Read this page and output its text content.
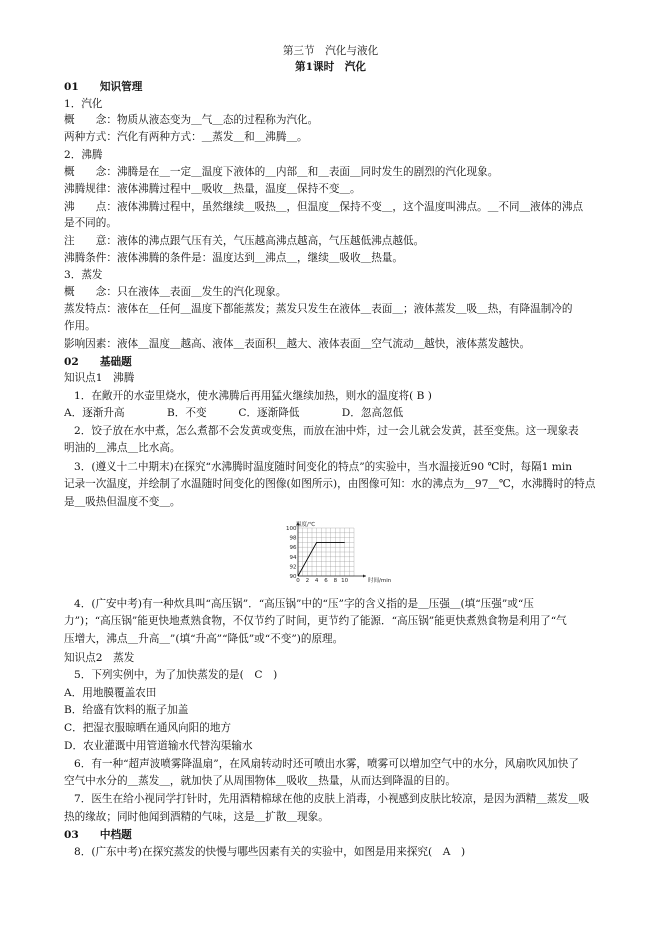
第三节　汽化与液化
第1课时　汽化
01　　知识管理
1．汽化
概　　念：物质从液态变为＿气＿态的过程称为汽化。
两种方式：汽化有两种方式：＿蒸发＿和＿沸腾＿。
2．沸腾
概　　念：沸腾是在＿一定＿温度下液体的＿内部＿和＿表面＿同时发生的剧烈的汽化现象。
沸腾规律：液体沸腾过程中＿吸收＿热量，温度＿保持不变＿。
沸　　点：液体沸腾过程中，虽然继续＿吸热＿，但温度＿保持不变＿，这个温度叫沸点。＿不同＿液体的沸点
是不同的。
注　　意：液体的沸点跟气压有关，气压越高沸点越高，气压越低沸点越低。
沸腾条件：液体沸腾的条件是：温度达到＿沸点＿，继续＿吸收＿热量。
3．蒸发
概　　念：只在液体＿表面＿发生的汽化现象。
蒸发特点：液体在＿任何＿温度下都能蒸发；蒸发只发生在液体＿表面＿；液体蒸发＿吸＿热，有降温制冷的
作用。
影响因素：液体＿温度＿越高、液体＿表面积＿越大、液体表面＿空气流动＿越快，液体蒸发越快。
02　　基础题
知识点1　沸腾
1．在敞开的水壶里烧水，使水沸腾后再用猛火继续加热，则水的温度将( B )
A．逐渐升高　　　　B．不变　　　C．逐渐降低　　　　D．忽高忽低
2．饺子放在水中煮，怎么煮都不会发黄或变焦，而放在油中炸，过一会儿就会发黄，甚至变焦。这一现象表
明油的＿沸点＿比水高。
3．(遵义十二中期末)在探究“水沸腾时温度随时间变化的特点”的实验中，当水温接近90 ℃时，每隔1 min
记录一次温度，并绘制了水温随时间变化的图像(如图所示)，由图像可知：水的沸点为＿97＿℃，水沸腾时的特点
是＿吸热但温度不变＿。
0 2 4 6 8 10
90
92
94
96
98
100
温度/℃
时间/min
4．(广安中考)有一种炊具叫“高压锅”．“高压锅”中的“压”字的含义指的是＿压强＿(填“压强”或“压
力”)；“高压锅”能更快地煮熟食物，不仅节约了时间，更节约了能源．“高压锅”能更快煮熟食物是利用了“气
压增大，沸点＿升高＿”(填“升高”“降低”或“不变”)的原理。
知识点2　蒸发
5．下列实例中，为了加快蒸发的是(　C　)
A．用地膜覆盖农田
B．给盛有饮料的瓶子加盖
C．把湿衣服晾晒在通风向阳的地方
D．农业灌溉中用管道输水代替沟渠输水
6．有一种“超声波喷雾降温扇”，在风扇转动时还可喷出水雾，喷雾可以增加空气中的水分，风扇吹风加快了
空气中水分的＿蒸发＿，就加快了从周围物体＿吸收＿热量，从而达到降温的目的。
7．医生在给小视同学打针时，先用酒精棉球在他的皮肤上消毒，小视感到皮肤比较凉，是因为酒精＿蒸发＿吸
热的缘故；同时他闻到酒精的气味，这是＿扩散＿现象。
03　　中档题
8．(广东中考)在探究蒸发的快慢与哪些因素有关的实验中，如图是用来探究(　A　)
